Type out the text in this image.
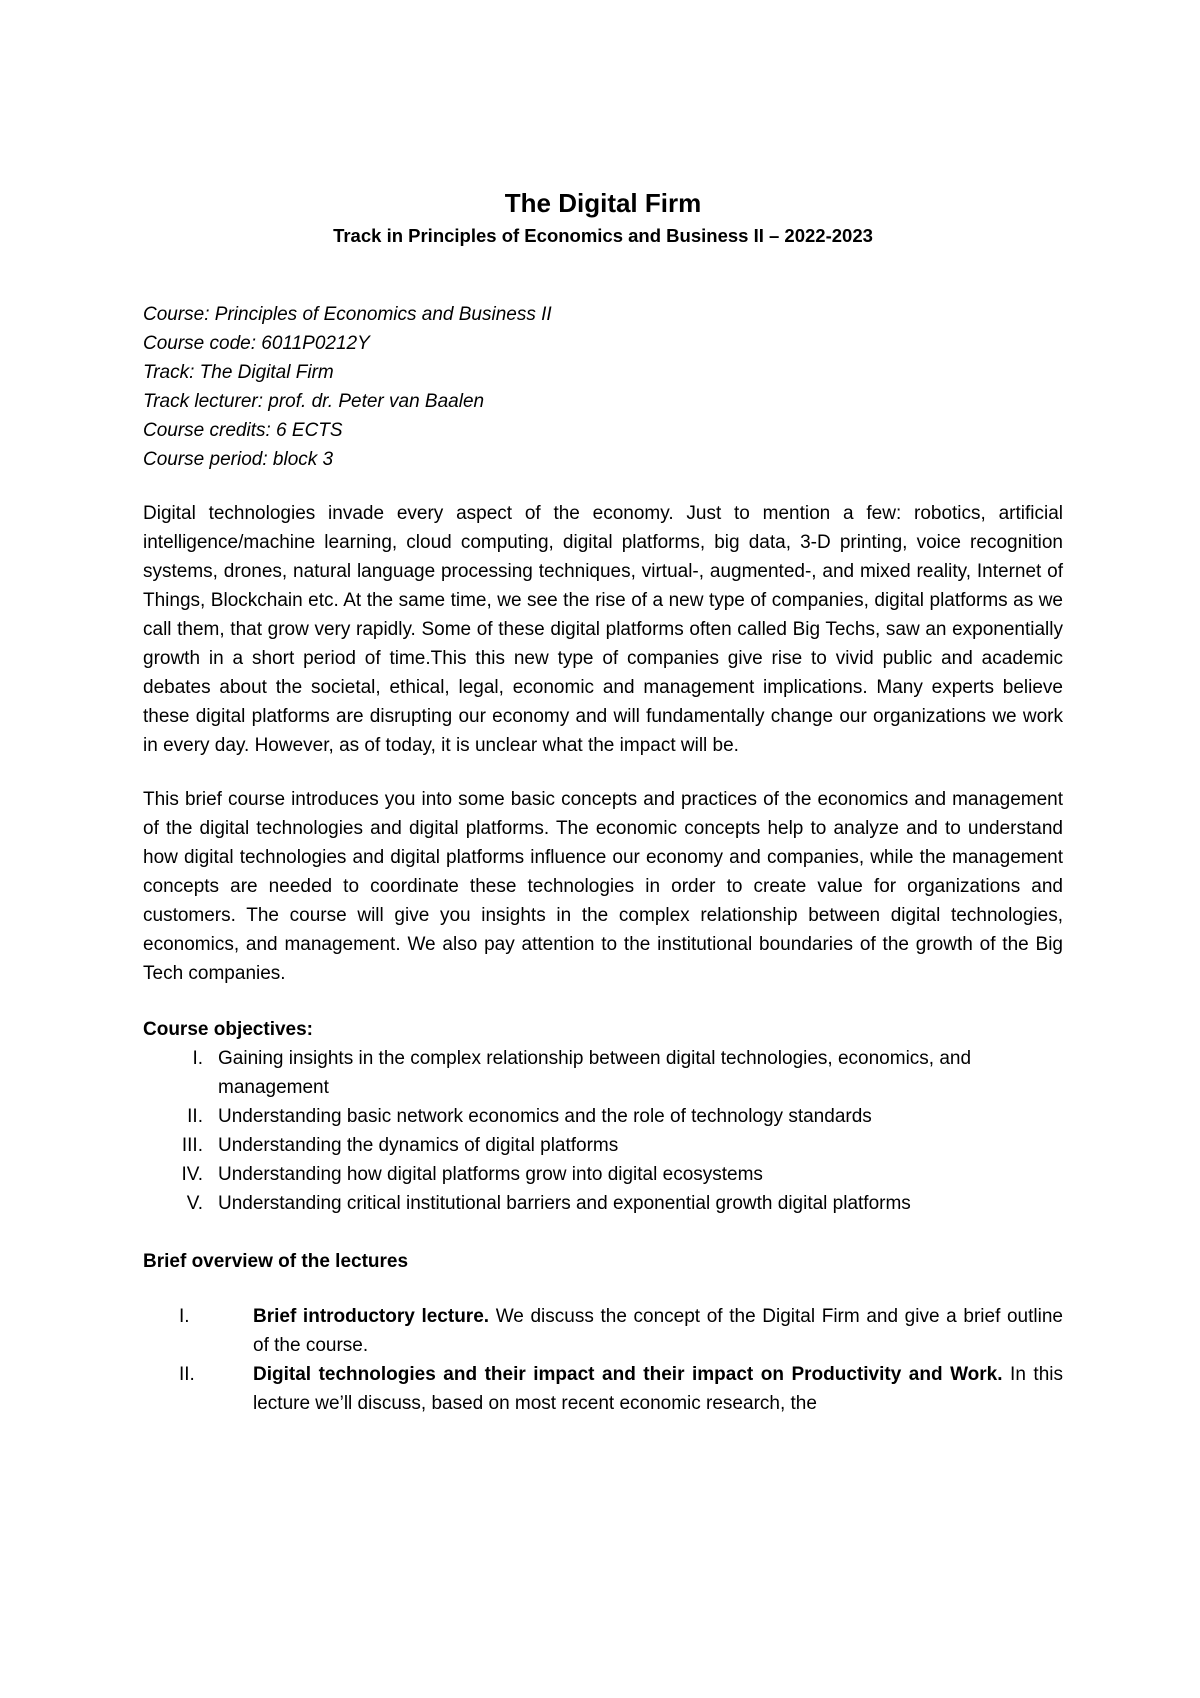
The Digital Firm
Track in Principles of Economics and Business II – 2022-2023
Course: Principles of Economics and Business II
Course code: 6011P0212Y
Track: The Digital Firm
Track lecturer: prof. dr. Peter van Baalen
Course credits: 6 ECTS
Course period: block 3

Digital technologies invade every aspect of the economy. Just to mention a few: robotics, artificial intelligence/machine learning, cloud computing, digital platforms, big data, 3-D printing, voice recognition systems, drones, natural language processing techniques, virtual-, augmented-, and mixed reality, Internet of Things, Blockchain etc. At the same time, we see the rise of a new type of companies, digital platforms as we call them, that grow very rapidly. Some of these digital platforms often called Big Techs, saw an exponentially growth in a short period of time.This this new type of companies give rise to vivid public and academic debates about the societal, ethical, legal, economic and management implications. Many experts believe these digital platforms are disrupting our economy and will fundamentally change our organizations we work in every day. However, as of today, it is unclear what the impact will be.

This brief course introduces you into some basic concepts and practices of the economics and management of the digital technologies and digital platforms. The economic concepts help to analyze and to understand how digital technologies and digital platforms influence our economy and companies, while the management concepts are needed to coordinate these technologies in order to create value for organizations and customers. The course will give you insights in the complex relationship between digital technologies, economics, and management. We also pay attention to the institutional boundaries of the growth of the Big Tech companies.

Course objectives:
I. Gaining insights in the complex relationship between digital technologies, economics, and management
II. Understanding basic network economics and the role of technology standards
III. Understanding the dynamics of digital platforms
IV. Understanding how digital platforms grow into digital ecosystems
V. Understanding critical institutional barriers and exponential growth digital platforms
Brief overview of the lectures
I.	Brief introductory lecture. We discuss the concept of the Digital Firm and give a brief outline of the course.
II.	Digital technologies and their impact and their impact on Productivity and Work. In this lecture we’ll discuss, based on most recent economic research, the
